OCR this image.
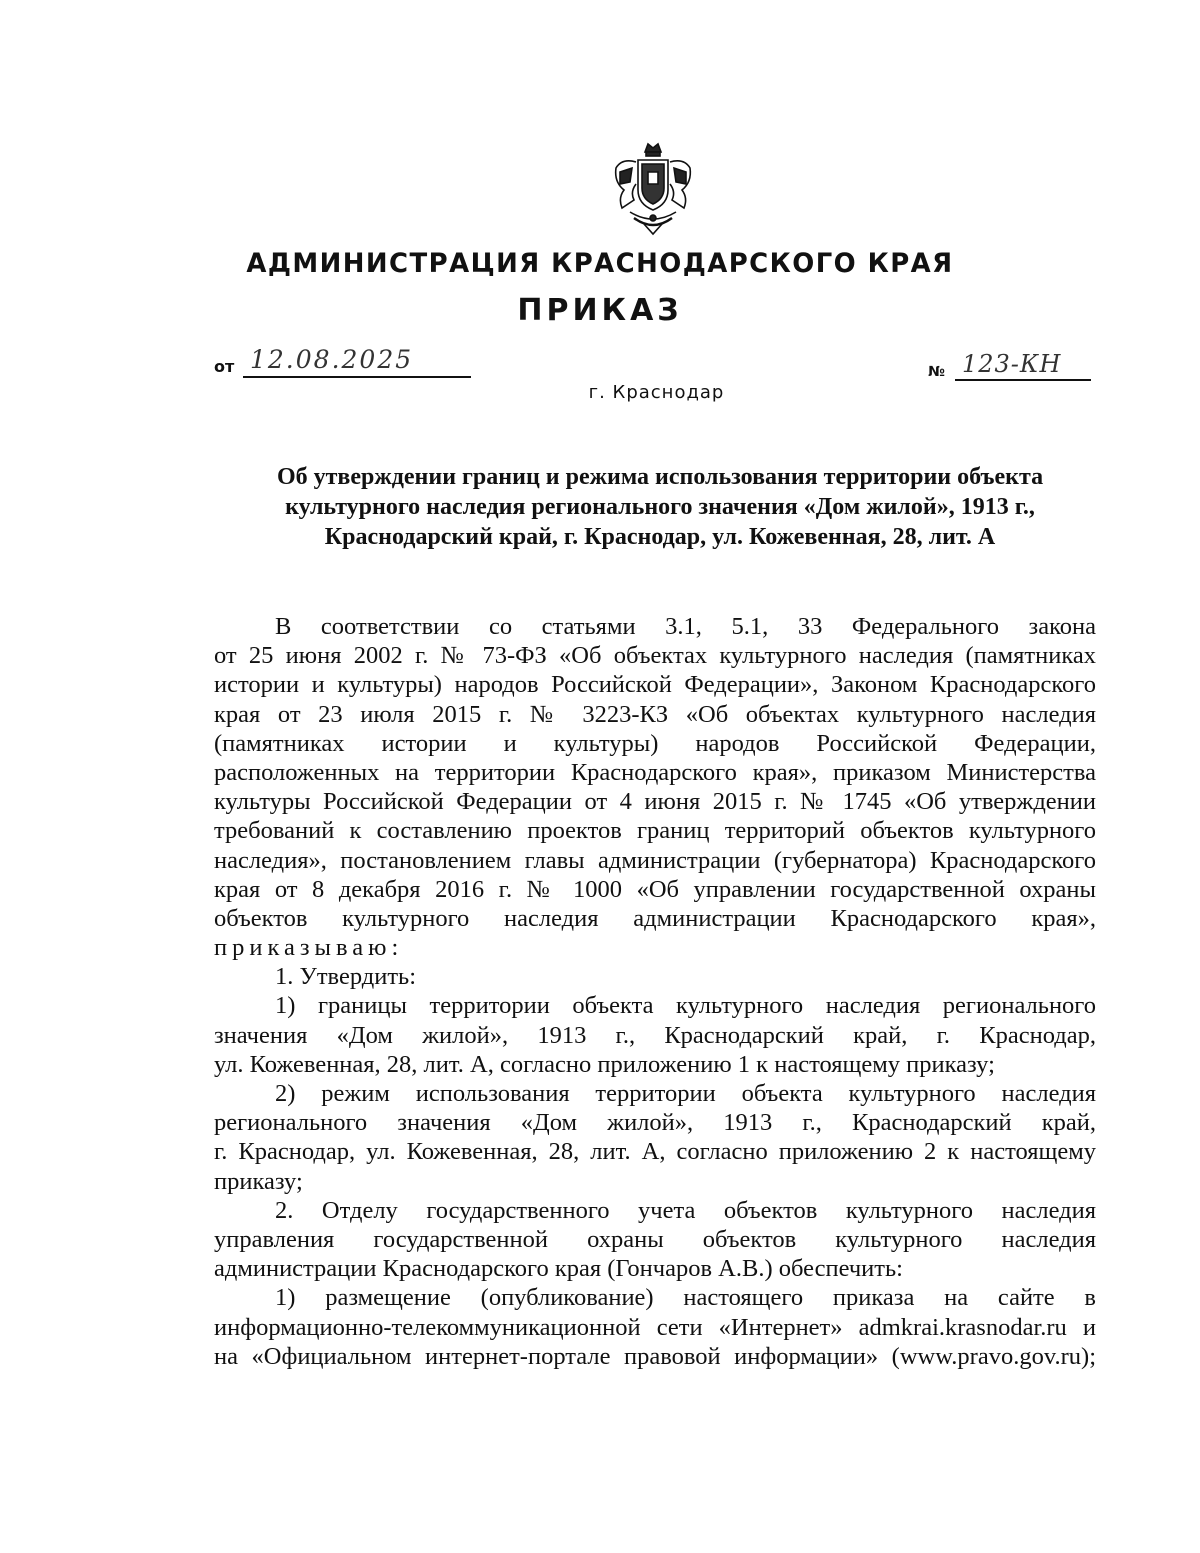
АДМИНИСТРАЦИЯ КРАСНОДАРСКОГО КРАЯ
ПРИКАЗ
от 12.08.2025
г. Краснодар
№ 123-КН
Об утверждении границ и режима использования территории объекта
культурного наследия регионального значения «Дом жилой», 1913 г.,
Краснодарский край, г. Краснодар, ул. Кожевенная, 28, лит. А
В соответствии со статьями 3.1, 5.1, 33 Федерального закона
от 25 июня 2002 г. № 73-ФЗ «Об объектах культурного наследия (памятниках
истории и культуры) народов Российской Федерации», Законом Краснодарского
края от 23 июля 2015 г. № 3223-КЗ «Об объектах культурного наследия
(памятниках истории и культуры) народов Российской Федерации,
расположенных на территории Краснодарского края», приказом Министерства
культуры Российской Федерации от 4 июня 2015 г. № 1745 «Об утверждении
требований к составлению проектов границ территорий объектов культурного
наследия», постановлением главы администрации (губернатора) Краснодарского
края от 8 декабря 2016 г. № 1000 «Об управлении государственной охраны
объектов культурного наследия администрации Краснодарского края»,
приказываю:
1. Утвердить:
1) границы территории объекта культурного наследия регионального
значения «Дом жилой», 1913 г., Краснодарский край, г. Краснодар,
ул. Кожевенная, 28, лит. А, согласно приложению 1 к настоящему приказу;
2) режим использования территории объекта культурного наследия
регионального значения «Дом жилой», 1913 г., Краснодарский край,
г. Краснодар, ул. Кожевенная, 28, лит. А, согласно приложению 2 к настоящему
приказу;
2. Отделу государственного учета объектов культурного наследия
управления государственной охраны объектов культурного наследия
администрации Краснодарского края (Гончаров А.В.) обеспечить:
1) размещение (опубликование) настоящего приказа на сайте в
информационно-телекоммуникационной сети «Интернет» admkrai.krasnodar.ru и
на «Официальном интернет-портале правовой информации» (www.pravo.gov.ru);
